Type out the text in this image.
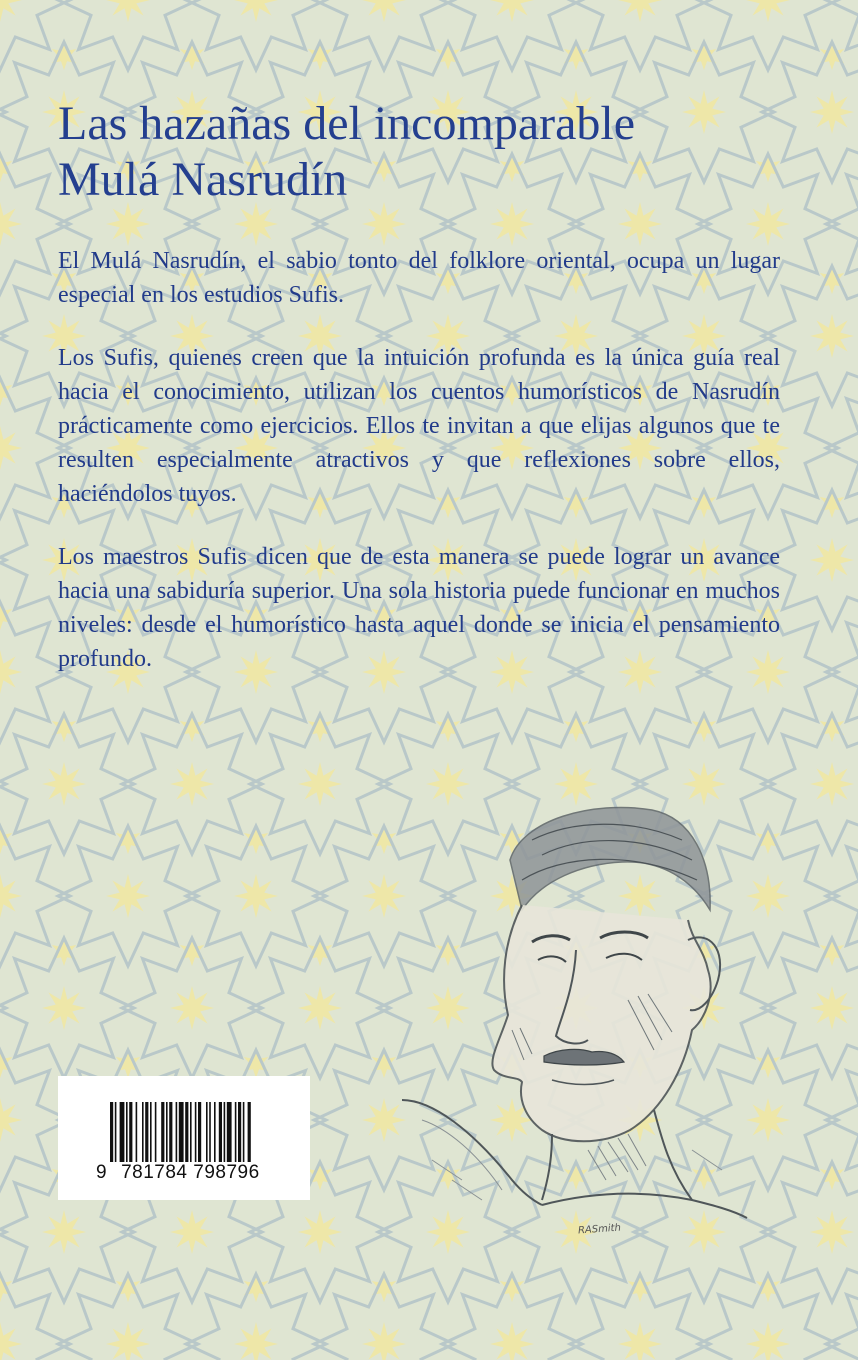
Las hazañas del incomparable
Mulá Nasrudín

El Mulá Nasrudín, el sabio tonto del folklore oriental, ocupa un lugar especial en los estudios Sufis.

Los Sufis, quienes creen que la intuición profunda es la única guía real hacia el conocimiento, utilizan los cuentos humorísticos de Nasrudín prácticamente como ejercicios. Ellos te invitan a que elijas algunos que te resulten especialmente atractivos y que reflexiones sobre ellos, haciéndolos tuyos.

Los maestros Sufis dicen que de esta manera se puede lograr un avance hacia una sabiduría superior. Una sola historia puede funcionar en muchos niveles: desde el humorístico hasta aquel donde se inicia el pensamiento profundo.

RASmith
9 781784 798796
